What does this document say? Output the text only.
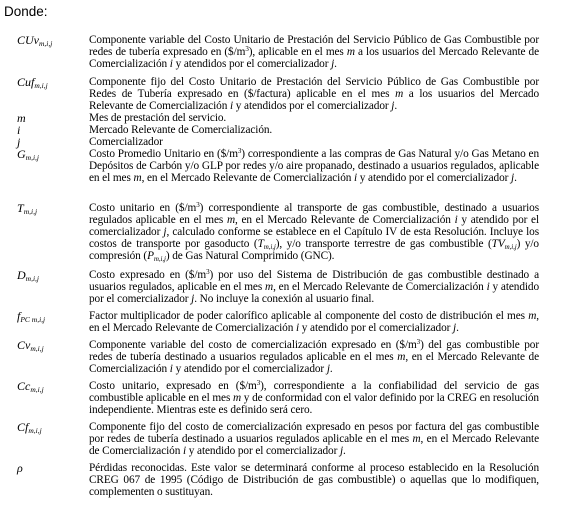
Donde:
CUv$_{m,i,j}$	Componente variable del Costo Unitario de Prestación del Servicio Público de Gas Combustible por redes de tubería expresado en $(\$/m^3)$, aplicable en el mes m a los usuarios del Mercado Relevante de Comercialización i y atendidos por el comercializador j.
Cuf$_{m,i,j}$	Componente fijo del Costo Unitario de Prestación del Servicio Público de Gas Combustible por Redes de Tubería expresado en ($/factura) aplicable en el mes m a los usuarios del Mercado Relevante de Comercialización i y atendidos por el comercializador j.
m	Mes de prestación del servicio.
i	Mercado Relevante de Comercialización.
j	Comercializador
$G_{m,i,j}$	Costo Promedio Unitario en $(\$/m^3)$ correspondiente a las compras de Gas Natural y/o Gas Metano en Depósitos de Carbón y/o GLP por redes y/o aire propanado, destinado a usuarios regulados, aplicable en el mes m, en el Mercado Relevante de Comercialización i y atendido por el comercializador j.
$T_{m,i,j}$	Costo unitario en $(\$/m^3)$ correspondiente al transporte de gas combustible, destinado a usuarios regulados aplicable en el mes m, en el Mercado Relevante de Comercialización i y atendido por el comercializador j, calculado conforme se establece en el Capítulo IV de esta Resolución. Incluye los costos de transporte por gasoducto $(T_{m,i,j})$, y/o transporte terrestre de gas combustible $(TV_{m,i,j})$ y/o compresión $(P_{m,i,j})$ de Gas Natural Comprimido (GNC).
$D_{m,i,j}$	Costo expresado en $(\$/m^3)$ por uso del Sistema de Distribución de gas combustible destinado a usuarios regulados, aplicable en el mes m, en el Mercado Relevante de Comercialización i y atendido por el comercializador j. No incluye la conexión al usuario final.
$f_{PC m,i,j}$	Factor multiplicador de poder calorífico aplicable al componente del costo de distribución el mes m, en el Mercado Relevante de Comercialización i y atendido por el comercializador j.
$Cv_{m,i,j}$	Componente variable del costo de comercialización expresado en $(\$/m^3)$ del gas combustible por redes de tubería destinado a usuarios regulados aplicable en el mes m, en el Mercado Relevante de Comercialización i y atendido por el comercializador j.
$Cc_{m,i,j}$	Costo unitario, expresado en $(\$/m^3)$, correspondiente a la confiabilidad del servicio de gas combustible aplicable en el mes m y de conformidad con el valor definido por la CREG en resolución independiente. Mientras este es definido será cero.
$Cf_{m,i,j}$	Componente fijo del costo de comercialización expresado en pesos por factura del gas combustible por redes de tubería destinado a usuarios regulados aplicable en el mes m, en el Mercado Relevante de Comercialización i y atendido por el comercializador j.
ρ	Pérdidas reconocidas. Este valor se determinará conforme al proceso establecido en la Resolución CREG 067 de 1995 (Código de Distribución de gas combustible) o aquellas que lo modifiquen, complementen o sustituyan.
